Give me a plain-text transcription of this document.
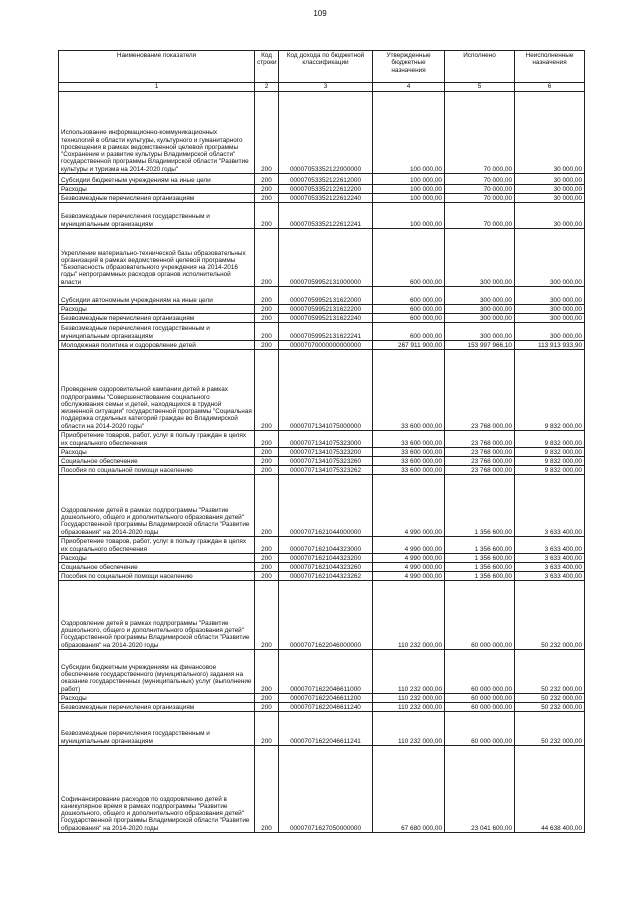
109
Наименование показателя	Код строки	Код дохода по бюджетной классификации	Утвержденные бюджетные назначения	Исполнено	Неисполненные назначения
1	2	3	4	5	6
Использование информационно-коммуникационных технологий в области культуры, культурного и гуманитарного просвещения в рамках ведомственной целевой программы "Сохранение и развитие культуры Владимирской области" государственной программы Владимирской области "Развитие культуры и туризма на 2014-2020 годы"	200	00007053352122000000	100 000,00	70 000,00	30 000,00
Субсидии бюджетным учреждениям на иные цели	200	00007053352122612000	100 000,00	70 000,00	30 000,00
Расходы	200	00007053352122612200	100 000,00	70 000,00	30 000,00
Безвозмездные перечисления организациям	200	00007053352122612240	100 000,00	70 000,00	30 000,00
Безвозмездные перечисления государственным и муниципальным организациям	200	00007053352122612241	100 000,00	70 000,00	30 000,00
Укрепление материально-технической базы образовательных организаций в рамках ведомственной целевой программы "Безопасность образовательного учреждения на 2014-2016 годы" непрограммных расходов органов исполнительной власти	200	00007059952131000000	600 000,00	300 000,00	300 000,00
Субсидии автономным учреждениям на иные цели	200	00007059952131622000	600 000,00	300 000,00	300 000,00
Расходы	200	00007059952131622200	600 000,00	300 000,00	300 000,00
Безвозмездные перечисления организациям	200	00007059952131622240	600 000,00	300 000,00	300 000,00
Безвозмездные перечисления государственным и муниципальным организациям	200	00007059952131622241	600 000,00	300 000,00	300 000,00
Молодежная политика и оздоровление детей	200	00007070000000000000	267 911 900,00	153 997 966,10	113 913 933,90
Проведение оздоровительной кампании детей в рамках подпрограммы "Совершенствование социального обслуживания семьи и детей, находящихся в трудной жизненной ситуации" государственной программы "Социальная поддержка отдельных категорий граждан во Владимирской области на 2014-2020 годы"	200	00007071341075000000	33 600 000,00	23 768 000,00	9 832 000,00
Приобретение товаров, работ, услуг в пользу граждан в целях их социального обеспечения	200	00007071341075323000	33 600 000,00	23 768 000,00	9 832 000,00
Расходы	200	00007071341075323200	33 600 000,00	23 768 000,00	9 832 000,00
Социальное обеспечение	200	00007071341075323260	33 600 000,00	23 768 000,00	9 832 000,00
Пособия по социальной помощи населению	200	00007071341075323262	33 600 000,00	23 768 000,00	9 832 000,00
Оздоровление детей в рамках подпрограммы "Развитие дошкольного, общего и дополнительного образования детей" Государственной программы Владимирской области "Развитие образования" на 2014-2020 годы	200	00007071621044000000	4 990 000,00	1 356 600,00	3 633 400,00
Приобретение товаров, работ, услуг в пользу граждан в целях их социального обеспечения	200	00007071621044323000	4 990 000,00	1 356 600,00	3 633 400,00
Расходы	200	00007071621044323200	4 990 000,00	1 356 600,00	3 633 400,00
Социальное обеспечение	200	00007071621044323260	4 990 000,00	1 356 600,00	3 633 400,00
Пособия по социальной помощи населению	200	00007071621044323262	4 990 000,00	1 356 600,00	3 633 400,00
Оздоровление детей в рамках подпрограммы "Развитие дошкольного, общего и дополнительного образования детей" Государственной программы Владимирской области "Развитие образования" на 2014-2020 годы	200	00007071622046000000	110 232 000,00	60 000 000,00	50 232 000,00
Субсидии бюджетным учреждениям на финансовое обеспечение государственного (муниципального) задания на оказание государственных (муниципальных) услуг (выполнение работ)	200	00007071622046611000	110 232 000,00	60 000 000,00	50 232 000,00
Расходы	200	00007071622046611200	110 232 000,00	60 000 000,00	50 232 000,00
Безвозмездные перечисления организациям	200	00007071622046611240	110 232 000,00	60 000 000,00	50 232 000,00
Безвозмездные перечисления государственным и муниципальным организациям	200	00007071622046611241	110 232 000,00	60 000 000,00	50 232 000,00
Софинансирование расходов по оздоровлению детей в каникулярное время в рамках подпрограммы "Развитие дошкольного, общего и дополнительного образования детей" Государственной программы Владимирской области "Развитие образования" на 2014-2020 годы	200	00007071627050000000	67 680 000,00	23 041 600,00	44 638 400,00
